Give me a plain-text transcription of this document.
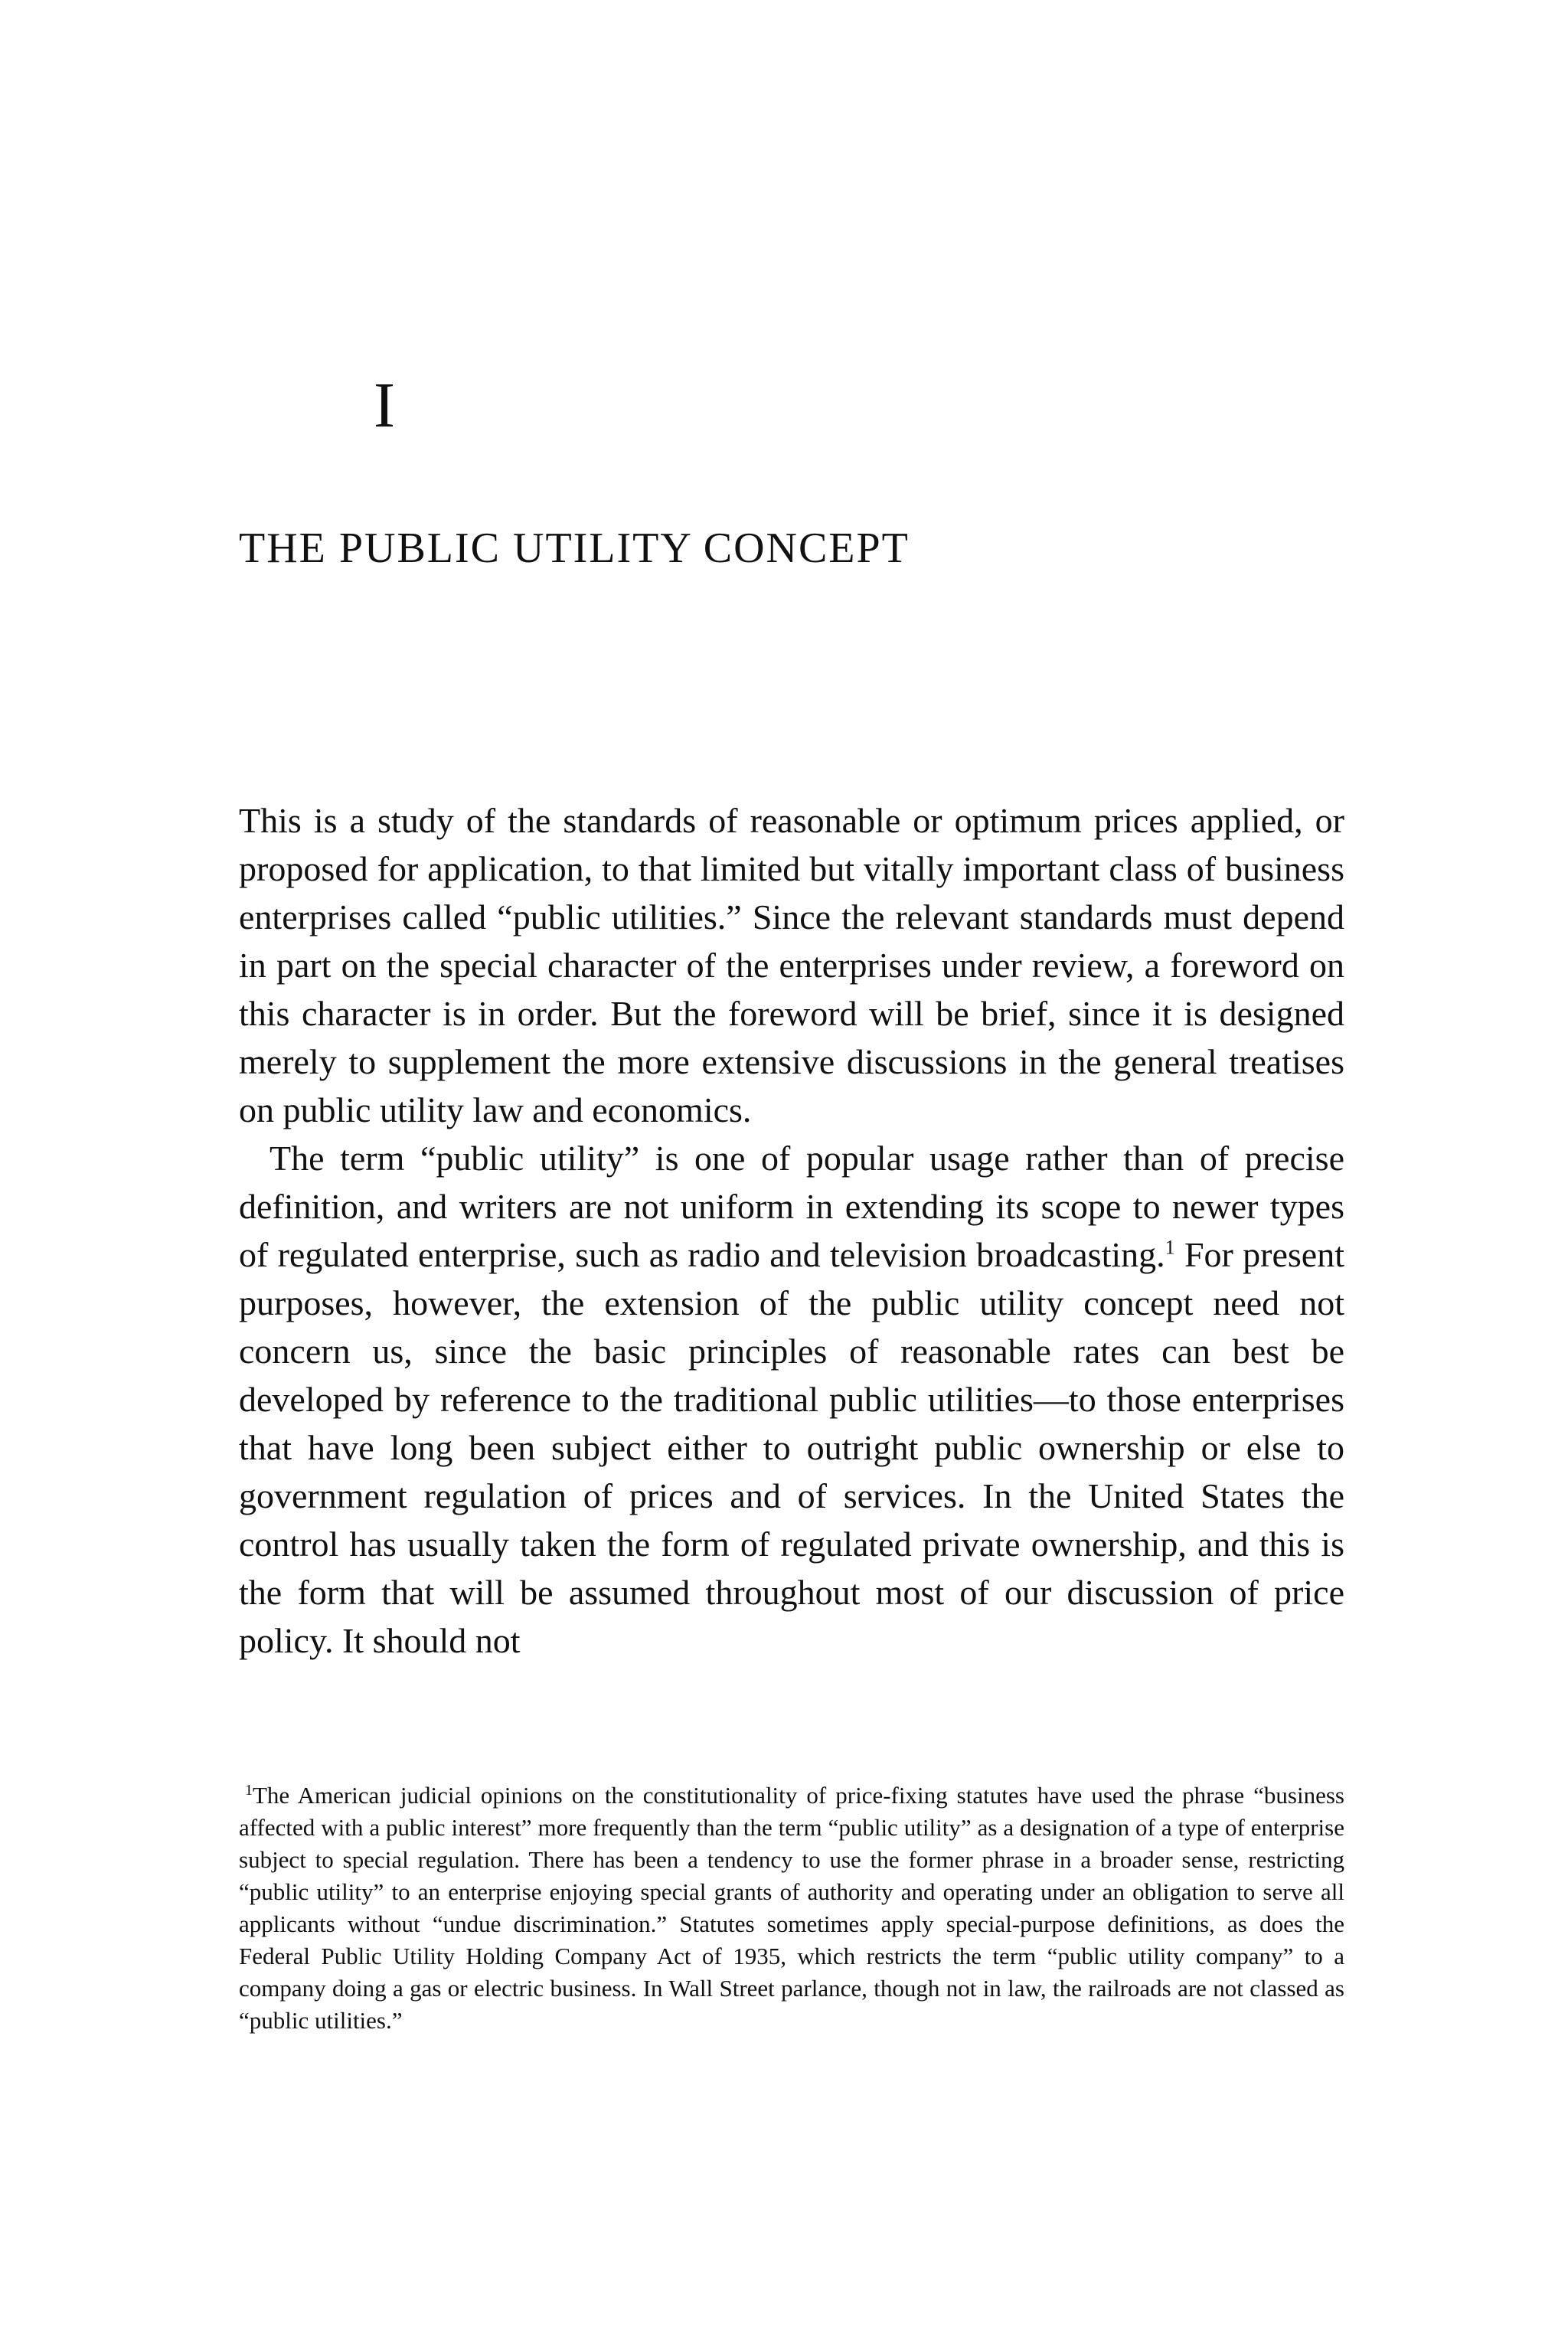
I
THE PUBLIC UTILITY CONCEPT

This is a study of the standards of reasonable or optimum prices applied, or proposed for application, to that limited but vitally important class of business enterprises called “public utilities.” Since the relevant standards must depend in part on the special character of the enterprises under review, a foreword on this character is in order. But the foreword will be brief, since it is designed merely to supplement the more extensive discussions in the general treatises on public utility law and economics.

The term “public utility” is one of popular usage rather than of precise definition, and writers are not uniform in extending its scope to newer types of regulated enterprise, such as radio and television broadcasting.$^1$ For present purposes, however, the extension of the public utility concept need not concern us, since the basic principles of reasonable rates can best be developed by reference to the traditional public utilities—to those enterprises that have long been subject either to outright public ownership or else to government regulation of prices and of services. In the United States the control has usually taken the form of regulated private ownership, and this is the form that will be assumed throughout most of our discussion of price policy. It should not

$^1$The American judicial opinions on the constitutionality of price-fixing statutes have used the phrase “business affected with a public interest” more frequently than the term “public utility” as a designation of a type of enterprise subject to special regulation. There has been a tendency to use the former phrase in a broader sense, restricting “public utility” to an enterprise enjoying special grants of authority and operating under an obligation to serve all applicants without “undue discrimination.” Statutes sometimes apply special-purpose definitions, as does the Federal Public Utility Holding Company Act of 1935, which restricts the term “public utility company” to a company doing a gas or electric business. In Wall Street parlance, though not in law, the railroads are not classed as “public utilities.”
